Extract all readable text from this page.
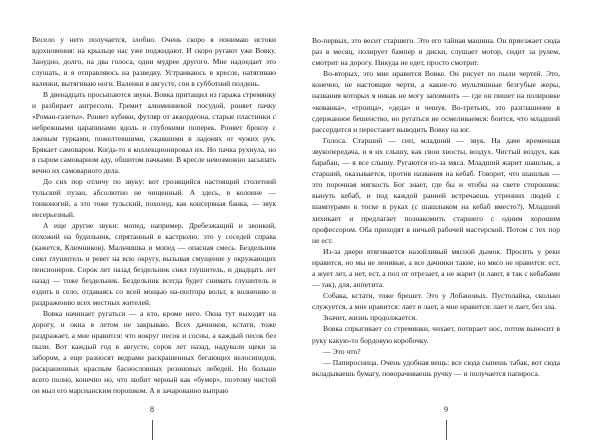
Весело у него получается, злобно. Очень скоро я понимаю истоки вдохновения: на крыльце нас уже поджидают. И скоро ругают уже Вовку. Занудно, долго, на два голоса, одни мудрее другого. Мне надоедает это слушать, и я отправляюсь на разведку. Устраиваюсь в кресле, натягиваю валенки, вытягиваю ноги. Валенки в августе, сон в субботний полдень.

В двенадцать просыпаются звуки. Вовка притащил из гаража стремянку и разбирает антресоли. Гремит алюминиевой посудой, роняет пачку «Роман-газеты». Роняет кубики, футляр от аккордеона, старые пластинки с небрежными царапинами вдоль и глубокими поперек. Роняет бронзу с лжевым турками, пожелтевшими, сжавшими в ладонях от чужих рук. Брякает самоваром. Когда-то я коллекционировал их. Но пачка рухнула, но в сыром самоварном аду, обшитом пачками. В кресле невозможно засыпать вечно их самоварного дела.

До сих пор отличу по звуку: вот грозящийся настоящий столетний тульский пузан, абсолютно не чищенный. А здесь, в колонне — тонконогий, а это тоже тульский, похолод, как консервная банка, — звук несерьезный.

А еще другие звуки: мопед, например. Дребезжащий и звонкий, похожий на будильник, спрятанный в кастрюлю, это у соседей справа (кажется, Ключников). Мальчишка и мопед — опасная смесь. Бездельник снял глушитель и ревет на всю округу, вызывая смущение у окружающих пенсионеров. Сорок лет назад бездельник снял глушитель, и двадцать лет назад — тоже бездельник. Бездельник всегда будет снимать глушитель и ездить в село, отдаваясь со всей мощью на-полтора вольт, к волнению и раздражению всех местных жителей.

Вовка начинает ругаться — а кто, кроме него. Окна тут выходят на дорогу, и окна в летом не закрываю. Всех дачников, кстати, тоже раздражает, а мне нравится: что вокруг песок и сосны, а каждый песок без пыли. Вот каждый год в августе, сорок лет назад, надували щеки за забором, а еще разносят ведрами раскрашенных бегающих велосипедов, раскрашенных красным баснословных резиновых лебедей. Но больше всего полно, конечно но, что любит черный как «бумер», поэтому чистой он мыл его марсианским порошком. А я зачарованно выпраю

8

Во-первых, это весит старшего. Это его тайная машина. Он приезжает сюда раз в месяц, полирует бампер и диски, слушает мотор, сидит за рулем, смотрит на дорогу. Никуда не едет, просто смотрит.

Во-вторых, это мне нравится Вовке. Он рисует по пыли чертей. Это, конечно, не настоящие черти, а какие-то мультяшные безгубые жеры, названия которых я никак не могу запомнить — где он пишет на полировке «кованка», «троица», «деда» и чешуя. Во-третьих, это разглашение в сдержанное бешенство, но ругаться не осмеливаемся: боится, что младший рассердится и перестанет выводить Вовку на юг.

Голоса. Старший — сип, младший — звук. На даче временная звукопередача, и я их слышу, как свои хвосты, воздух. Чистый воздух, как барабан, — я все слышу. Ругаются из-за мяса. Младший жарит шашлык, а старший, оказывается, против названия на кебаб. Говорит, что шашлык — это порочная мягкость Бог знает, где бы и чтобы на свете сторонник: вынуть кебаб, и под каждой ранней встречаешь утренних людей с шампурами в тоске в руках (с шашлыком на кебаб вместо?). Младший хихикает и предлагает познакомить старшего с одним хорошим профессором. Оба приходят в ничьей рабочей мастерской. Потом с тех пор не ест.

Из-за двери втягивается назойливый мясной дымок. Просить у реки нравится, но мы не ленивые, а все дачники такие, но мясо не нравится: ест, а жует лет, а нет, ест, а пол от отрезает, а не жарит (и лают, я так с кебабами — так), для, аппетита.

Собака, кстати, тоже брешет. Это у Лобановых. Пустолайка, сколько служуется, а мне нравится: лает и лает, а мне нравится: лает и лает, без зла.

Значит, жизнь продолжается.

Вовка спрыгивает со стремянки, чихает, потирает нос, потом выносит в руку какую-то бордовую коробочку.

— Это что?

— Папиросница. Очень удобная вещь: все сюда сыпешь табак, вот сюда вкладываешь бумагу, поворачиваешь ручку — и получается папироса.

9
